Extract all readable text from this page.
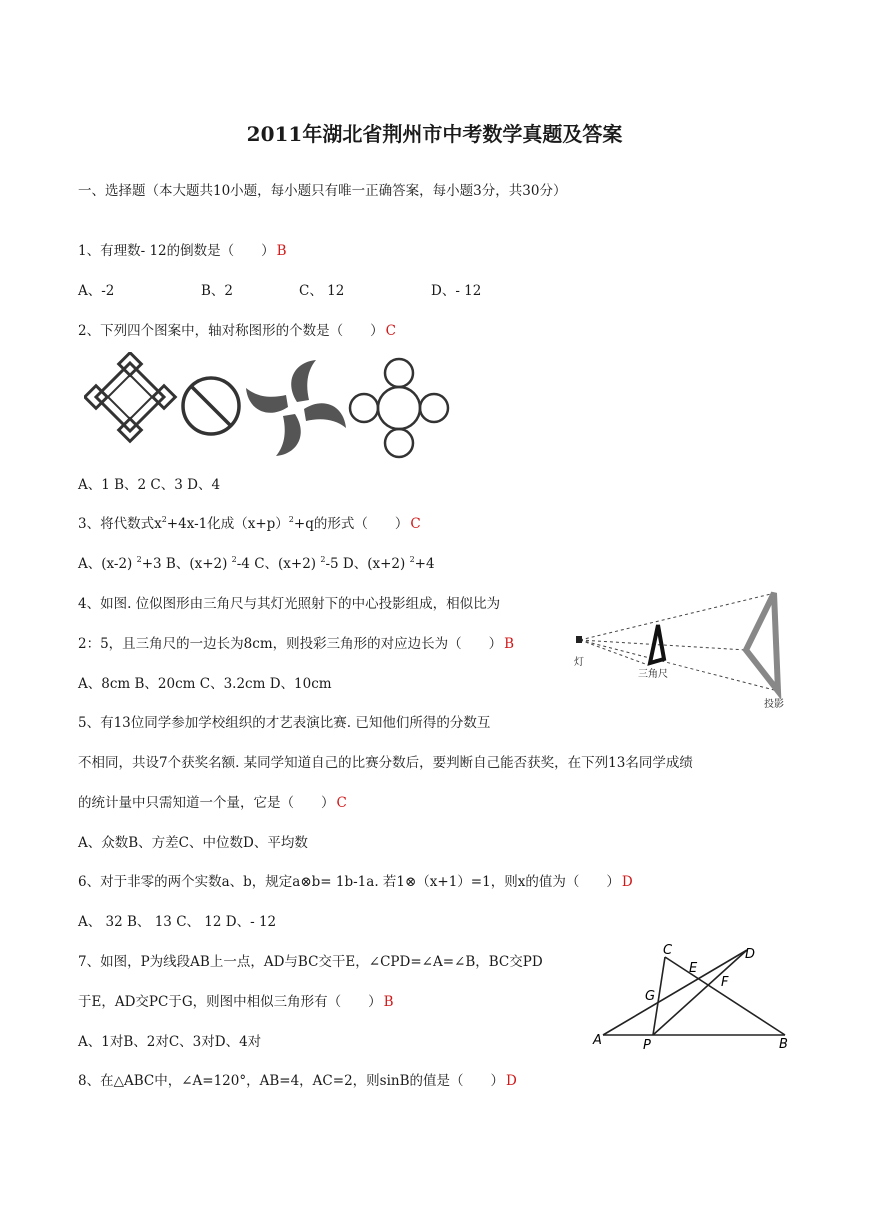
2011年湖北省荆州市中考数学真题及答案
一、选择题（本大题共10小题，每小题只有唯一正确答案，每小题3分，共30分）
1、有理数- 12的倒数是（　　） B
A、-2	B、2	C、 12	D、- 12
2、下列四个图案中，轴对称图形的个数是（　　） C
A、1 B、2 C、3 D、4
3、将代数式$x^2+4x-1$化成$(x+p)^2+q$的形式（　　） C
A、(x-2) $^2$+3 B、(x+2) $^2$-4 C、(x+2) $^2$-5 D、(x+2) $^2$+4
4、如图. 位似图形由三角尺与其灯光照射下的中心投影组成，相似比为
2：5，且三角尺的一边长为8cm，则投彩三角形的对应边长为（　　） B
A、8cm B、20cm C、3.2cm D、10cm
灯
三角尺
投影
5、有13位同学参加学校组织的才艺表演比赛. 已知他们所得的分数互
不相同，共设7个获奖名额. 某同学知道自己的比赛分数后，要判断自己能否获奖，在下列13名同学成绩
的统计量中只需知道一个量，它是（　　） C
A、众数B、方差C、中位数D、平均数
6、对于非零的两个实数a、b，规定a⊗b= 1b-1a. 若1⊗（x+1）=1，则x的值为（　　） D
A、 32 B、 13 C、 12 D、- 12
7、如图，P为线段AB上一点，AD与BC交干E，∠CPD=∠A=∠B，BC交PD
于E，AD交PC于G，则图中相似三角形有（　　） B
A、1对B、2对C、3对D、4对	A	B
C	D
E
F
G
P
8、在△ABC中，∠A=120°，AB=4，AC=2，则sinB的值是（　　） D
